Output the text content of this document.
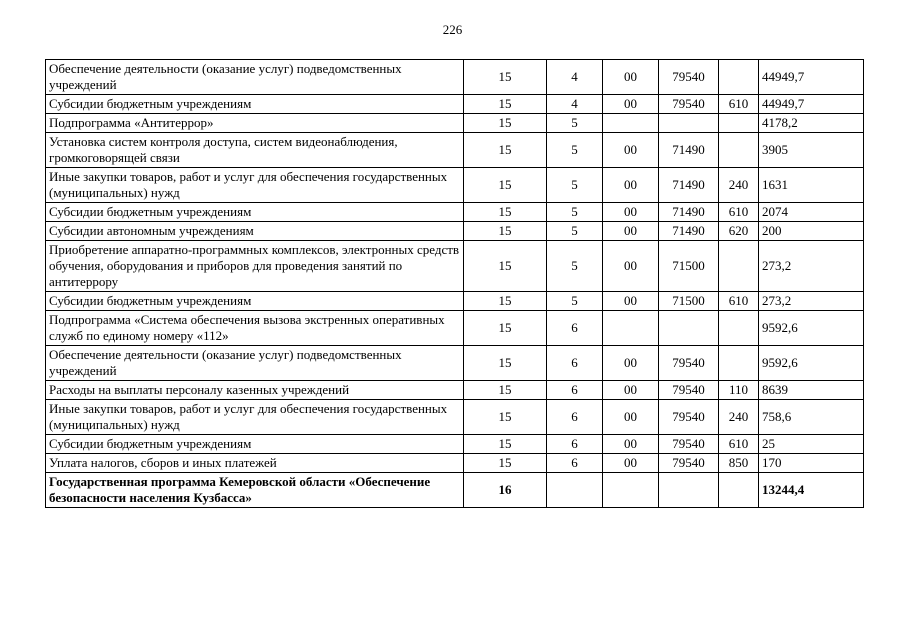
226
Обеспечение деятельности (оказание услуг) подведомственных учреждений	15	4	00	79540		44949,7
Субсидии бюджетным учреждениям	15	4	00	79540	610	44949,7
Подпрограмма «Антитеррор»	15	5				4178,2
Установка систем контроля доступа, систем видеонаблюдения, громкоговорящей связи	15	5	00	71490		3905
Иные закупки товаров, работ и услуг для обеспечения государственных (муниципальных) нужд	15	5	00	71490	240	1631
Субсидии бюджетным учреждениям	15	5	00	71490	610	2074
Субсидии автономным учреждениям	15	5	00	71490	620	200
Приобретение аппаратно-программных комплексов, электронных средств обучения, оборудования и приборов для проведения занятий по антитеррору	15	5	00	71500		273,2
Субсидии бюджетным учреждениям	15	5	00	71500	610	273,2
Подпрограмма «Система обеспечения вызова экстренных оперативных служб по единому номеру «112»	15	6				9592,6
Обеспечение деятельности (оказание услуг) подведомственных учреждений	15	6	00	79540		9592,6
Расходы на выплаты персоналу казенных учреждений	15	6	00	79540	110	8639
Иные закупки товаров, работ и услуг для обеспечения государственных (муниципальных) нужд	15	6	00	79540	240	758,6
Субсидии бюджетным учреждениям	15	6	00	79540	610	25
Уплата налогов, сборов и иных платежей	15	6	00	79540	850	170
Государственная программа Кемеровской области «Обеспечение безопасности населения Кузбасса»	16					13244,4
